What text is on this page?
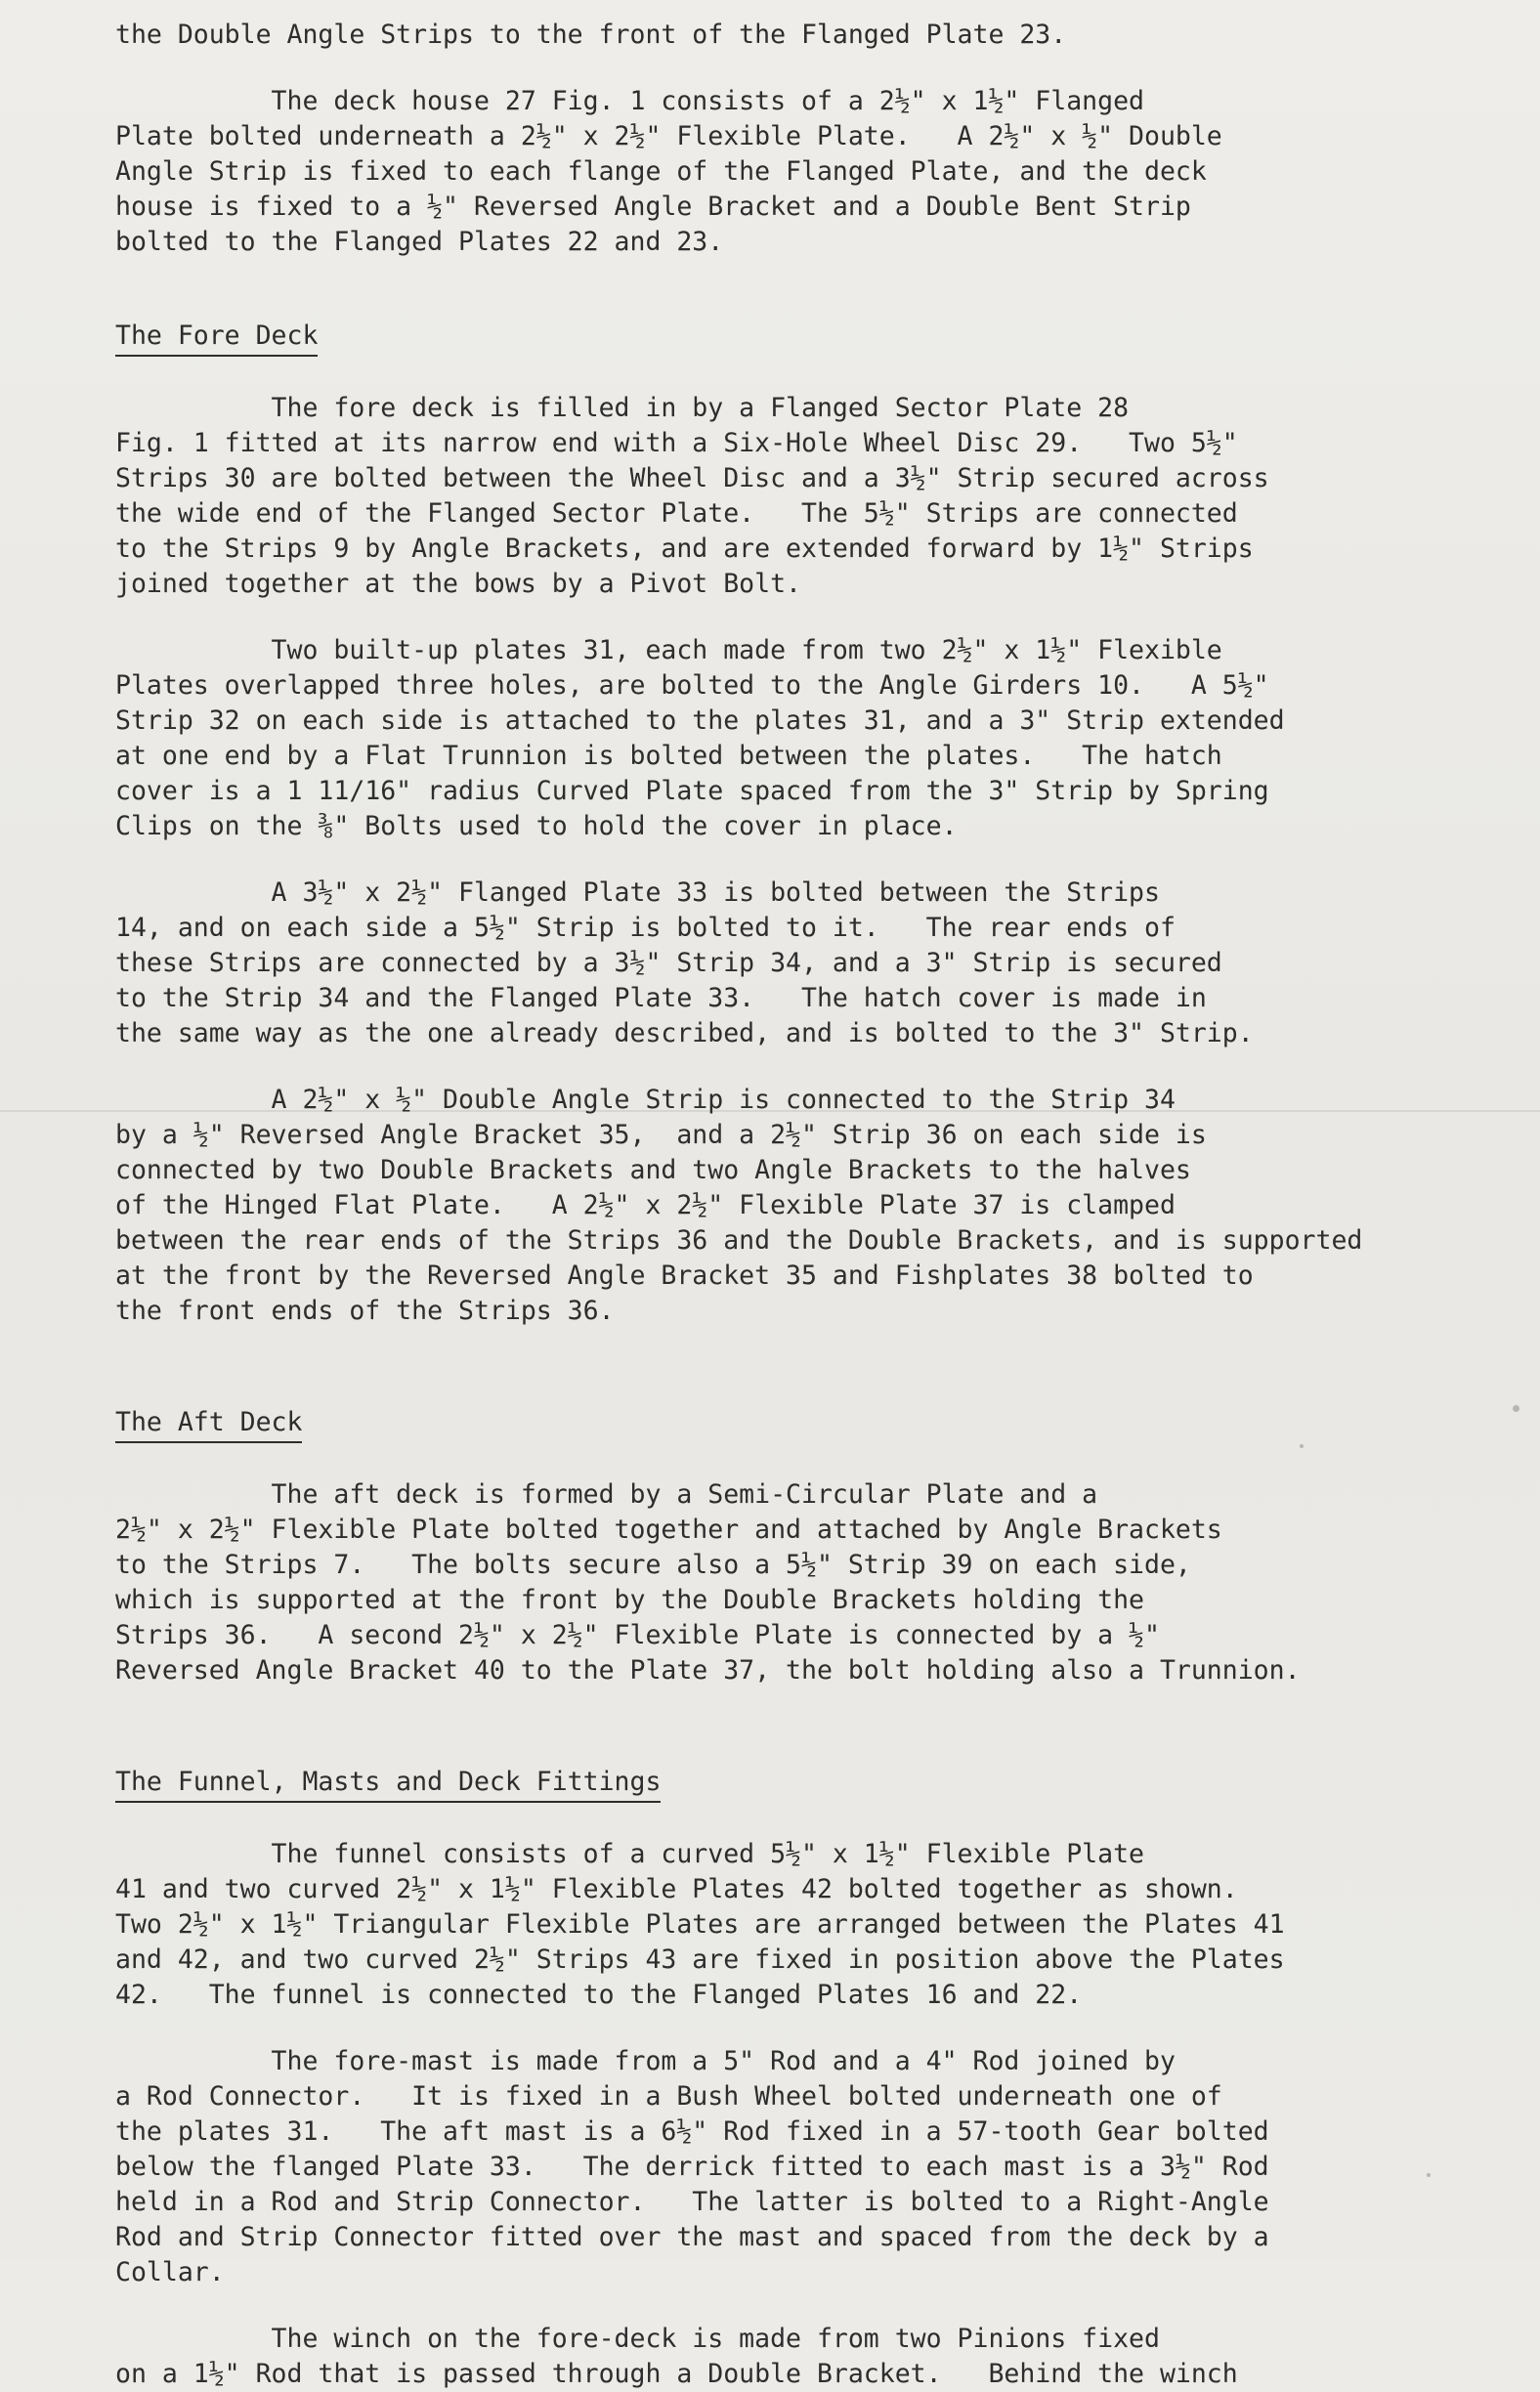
the Double Angle Strips to the front of the Flanged Plate 23.
The deck house 27 Fig. 1 consists of a 2½" x 1½" Flanged
Plate bolted underneath a 2½" x 2½" Flexible Plate.   A 2½" x ½" Double
Angle Strip is fixed to each flange of the Flanged Plate, and the deck
house is fixed to a ½" Reversed Angle Bracket and a Double Bent Strip
bolted to the Flanged Plates 22 and 23.
The Fore Deck
The fore deck is filled in by a Flanged Sector Plate 28
Fig. 1 fitted at its narrow end with a Six-Hole Wheel Disc 29.   Two 5½"
Strips 30 are bolted between the Wheel Disc and a 3½" Strip secured across
the wide end of the Flanged Sector Plate.   The 5½" Strips are connected
to the Strips 9 by Angle Brackets, and are extended forward by 1½" Strips
joined together at the bows by a Pivot Bolt.
Two built-up plates 31, each made from two 2½" x 1½" Flexible
Plates overlapped three holes, are bolted to the Angle Girders 10.   A 5½"
Strip 32 on each side is attached to the plates 31, and a 3" Strip extended
at one end by a Flat Trunnion is bolted between the plates.   The hatch
cover is a 1 11/16" radius Curved Plate spaced from the 3" Strip by Spring
Clips on the ⅜" Bolts used to hold the cover in place.
A 3½" x 2½" Flanged Plate 33 is bolted between the Strips
14, and on each side a 5½" Strip is bolted to it.   The rear ends of
these Strips are connected by a 3½" Strip 34, and a 3" Strip is secured
to the Strip 34 and the Flanged Plate 33.   The hatch cover is made in
the same way as the one already described, and is bolted to the 3" Strip.
A 2½" x ½" Double Angle Strip is connected to the Strip 34
by a ½" Reversed Angle Bracket 35,  and a 2½" Strip 36 on each side is
connected by two Double Brackets and two Angle Brackets to the halves
of the Hinged Flat Plate.   A 2½" x 2½" Flexible Plate 37 is clamped
between the rear ends of the Strips 36 and the Double Brackets, and is supported
at the front by the Reversed Angle Bracket 35 and Fishplates 38 bolted to
the front ends of the Strips 36.
The Aft Deck
The aft deck is formed by a Semi-Circular Plate and a
2½" x 2½" Flexible Plate bolted together and attached by Angle Brackets
to the Strips 7.   The bolts secure also a 5½" Strip 39 on each side,
which is supported at the front by the Double Brackets holding the
Strips 36.   A second 2½" x 2½" Flexible Plate is connected by a ½"
Reversed Angle Bracket 40 to the Plate 37, the bolt holding also a Trunnion.
The Funnel, Masts and Deck Fittings
The funnel consists of a curved 5½" x 1½" Flexible Plate
41 and two curved 2½" x 1½" Flexible Plates 42 bolted together as shown.
Two 2½" x 1½" Triangular Flexible Plates are arranged between the Plates 41
and 42, and two curved 2½" Strips 43 are fixed in position above the Plates
42.   The funnel is connected to the Flanged Plates 16 and 22.
The fore-mast is made from a 5" Rod and a 4" Rod joined by
a Rod Connector.   It is fixed in a Bush Wheel bolted underneath one of
the plates 31.   The aft mast is a 6½" Rod fixed in a 57-tooth Gear bolted
below the flanged Plate 33.   The derrick fitted to each mast is a 3½" Rod
held in a Rod and Strip Connector.   The latter is bolted to a Right-Angle
Rod and Strip Connector fitted over the mast and spaced from the deck by a
Collar.
The winch on the fore-deck is made from two Pinions fixed
on a 1½" Rod that is passed through a Double Bracket.   Behind the winch
